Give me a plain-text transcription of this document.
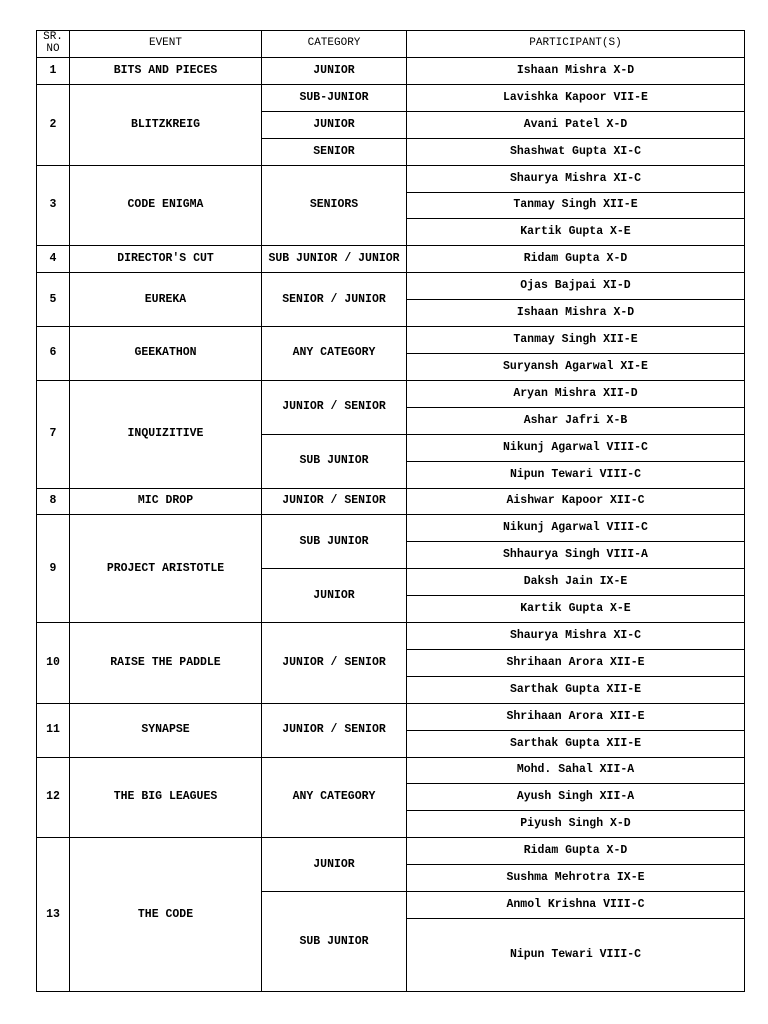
SR. NO	EVENT	CATEGORY	PARTICIPANT(S)
1	BITS AND PIECES	JUNIOR	Ishaan Mishra X-D
2	BLITZKREIG	SUB-JUNIOR	Lavishka Kapoor VII-E
		JUNIOR	Avani Patel X-D
		SENIOR	Shashwat Gupta XI-C
3	CODE ENIGMA	SENIORS	Shaurya Mishra XI-C
			Tanmay Singh XII-E
			Kartik Gupta X-E
4	DIRECTOR'S CUT	SUB JUNIOR / JUNIOR	Ridam Gupta X-D
5	EUREKA	SENIOR / JUNIOR	Ojas Bajpai XI-D
			Ishaan Mishra X-D
6	GEEKATHON	ANY CATEGORY	Tanmay Singh XII-E
			Suryansh Agarwal XI-E
7	INQUIZITIVE	JUNIOR / SENIOR	Aryan Mishra XII-D
			Ashar Jafri X-B
		SUB JUNIOR	Nikunj Agarwal VIII-C
			Nipun Tewari VIII-C
8	MIC DROP	JUNIOR / SENIOR	Aishwar Kapoor XII-C
9	PROJECT ARISTOTLE	SUB JUNIOR	Nikunj Agarwal VIII-C
			Shhaurya Singh VIII-A
		JUNIOR	Daksh Jain IX-E
			Kartik Gupta X-E
10	RAISE THE PADDLE	JUNIOR / SENIOR	Shaurya Mishra XI-C
			Shrihaan Arora XII-E
			Sarthak Gupta XII-E
11	SYNAPSE	JUNIOR / SENIOR	Shrihaan Arora XII-E
			Sarthak Gupta XII-E
12	THE BIG LEAGUES	ANY CATEGORY	Mohd. Sahal XII-A
			Ayush Singh XII-A
			Piyush Singh X-D
13	THE CODE	JUNIOR	Ridam Gupta X-D
			Sushma Mehrotra IX-E
		SUB JUNIOR	Anmol Krishna VIII-C
			Nipun Tewari VIII-C
